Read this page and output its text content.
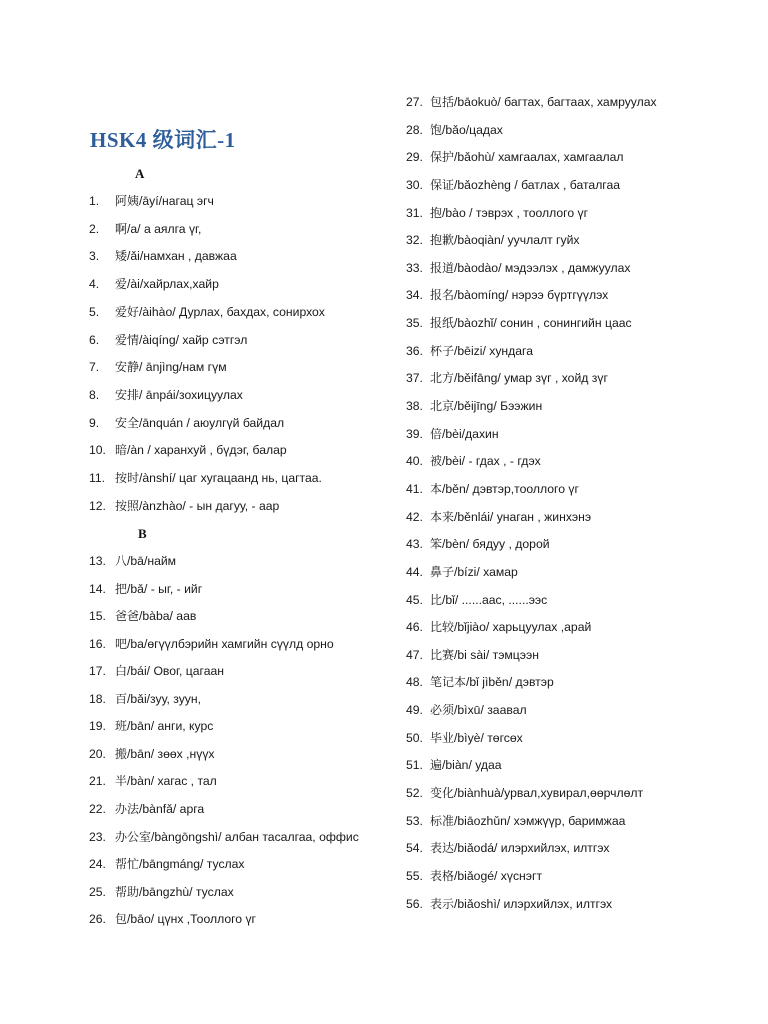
HSK4 级词汇-1
A
B
1. 阿姨/āyí/нагац эгч
2. 啊/a/ а аялга үг,
3. 矮/ǎi/намхан , давжаа
4. 爱/ài/хайрлах,хайр
5. 爱好/àihào/ Дурлах, бахдах, сонирхох
6. 爱情/àiqíng/ хайр сэтгэл
7. 安静/ ānjìng/нам гүм
8. 安排/ ānpái/зохицуулах
9. 安全/ānquán / аюулгүй байдал
10. 暗/àn / харанхуй , бүдэг, балар
11. 按时/ànshí/ цаг хугацаанд нь, цагтаа.
12. 按照/ànzhào/ - ын дагуу, - аар
13. 八/bā/найм
14. 把/bǎ/ - ыг, - ийг
15. 爸爸/bàba/ аав
16. 吧/ba/өгүүлбэрийн хамгийн сүүлд орно
17. 白/bái/ Овог, цагаан
18. 百/bǎi/зуу, зуун,
19. 班/bān/ анги, курс
20. 搬/bān/ зөөх ,нүүх
21. 半/bàn/ хагас , тал
22. 办法/bànfǎ/ арга
23. 办公室/bàngōngshì/ албан тасалгаа, оффис
24. 帮忙/bāngmáng/ туслах
25. 帮助/bāngzhù/ туслах
26. 包/bāo/ цүнх ,Тооллого үг
27. 包括/bāokuò/ багтах, багтаах, хамруулах
28. 饱/bǎo/цадах
29. 保护/bǎohù/ хамгаалах, хамгаалал
30. 保证/bǎozhèng / батлах , баталгаа
31. 抱/bào / тэврэх , тооллого үг
32. 抱歉/bàoqiàn/ уучлалт гуйх
33. 报道/bàodào/ мэдээлэх , дамжуулах
34. 报名/bàomíng/ нэрээ бүртгүүлэх
35. 报纸/bàozhǐ/ сонин , сонингийн цаас
36. 杯子/bēizi/ хундага
37. 北方/běifāng/ умар зүг , хойд зүг
38. 北京/běijīng/ Бээжин
39. 倍/bèi/дахин
40. 被/bèi/ - гдах , - гдэх
41. 本/běn/ дэвтэр,тооллого үг
42. 本来/běnlái/ унаган , жинхэнэ
43. 笨/bèn/ бядуу , дорой
44. 鼻子/bízi/ хамар
45. 比/bǐ/ ......аас, ......ээс
46. 比较/bǐjiào/ харьцуулах ,арай
47. 比赛/bi sài/ тэмцээн
48. 笔记本/bǐ jìběn/ дэвтэр
49. 必须/bìxū/ заавал
50. 毕业/bìyè/ төгсөх
51. 遍/biàn/ удаа
52. 变化/biànhuà/урвал,хувирал,өөрчлөлт
53. 标准/biāozhǔn/ хэмжүүр, баримжаа
54. 表达/biǎodá/ илэрхийлэх, илтгэх
55. 表格/biǎogé/ хүснэгт
56. 表示/biǎoshì/ илэрхийлэх, илтгэх
